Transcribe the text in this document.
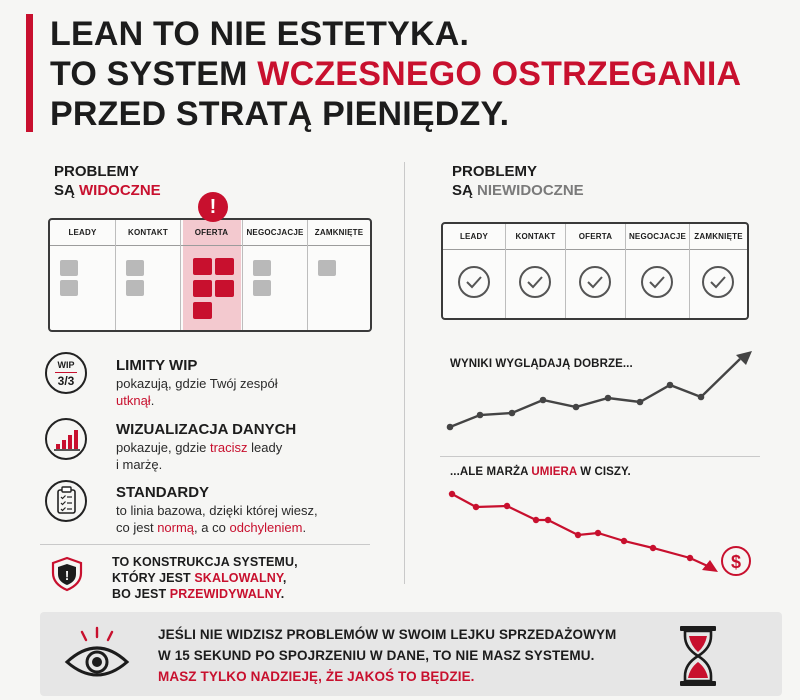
LEAN TO NIE ESTETYKA.
TO SYSTEM WCZESNEGO OSTRZEGANIA
PRZED STRATĄ PIENIĘDZY.
PROBLEMY
SĄ WIDOCZNE
PROBLEMY
SĄ NIEWIDOCZNE
LEADY	KONTAKT	OFERTA	NEGOCJACJE	ZAMKNIĘTE
!
LEADY	KONTAKT	OFERTA	NEGOCJACJE	ZAMKNIĘTE
WIP
3/3
LIMITY WIP
pokazują, gdzie Twój zespół
utknął.
WIZUALIZACJA DANYCH
pokazuje, gdzie tracisz leady
i marżę.
STANDARDY
to linia bazowa, dzięki której wiesz,
co jest normą, a co odchyleniem.
!
TO KONSTRUKCJA SYSTEMU,
KTÓRY JEST SKALOWALNY,
BO JEST PRZEWIDYWALNY.
WYNIKI WYGLĄDAJĄ DOBRZE...
...ALE MARŻA UMIERA W CISZY.
$
JEŚLI NIE WIDZISZ PROBLEMÓW W SWOIM LEJKU SPRZEDAŻOWYM
W 15 SEKUND PO SPOJRZENIU W DANE, TO NIE MASZ SYSTEMU.
MASZ TYLKO NADZIEJĘ, ŻE JAKOŚ TO BĘDZIE.
